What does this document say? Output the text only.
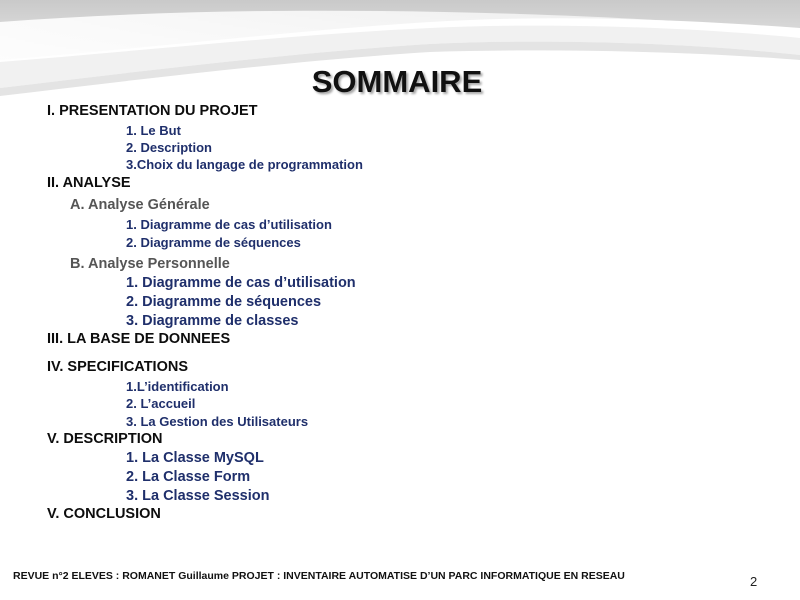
SOMMAIRE
I. PRESENTATION DU PROJET
1. Le But
2. Description
3.Choix du langage de programmation
II. ANALYSE
A. Analyse Générale
1. Diagramme de cas d’utilisation
2. Diagramme de séquences
B. Analyse Personnelle
1. Diagramme de cas d’utilisation
2. Diagramme de séquences
3. Diagramme de classes
III. LA BASE DE DONNEES
IV. SPECIFICATIONS
1.L’identification
2. L’accueil
3. La Gestion des Utilisateurs
V. DESCRIPTION
1. La Classe MySQL
2. La Classe Form
3. La Classe Session
V. CONCLUSION
REVUE n°2 ELEVES : ROMANET Guillaume PROJET : INVENTAIRE AUTOMATISE D’UN PARC INFORMATIQUE EN RESEAU	2
